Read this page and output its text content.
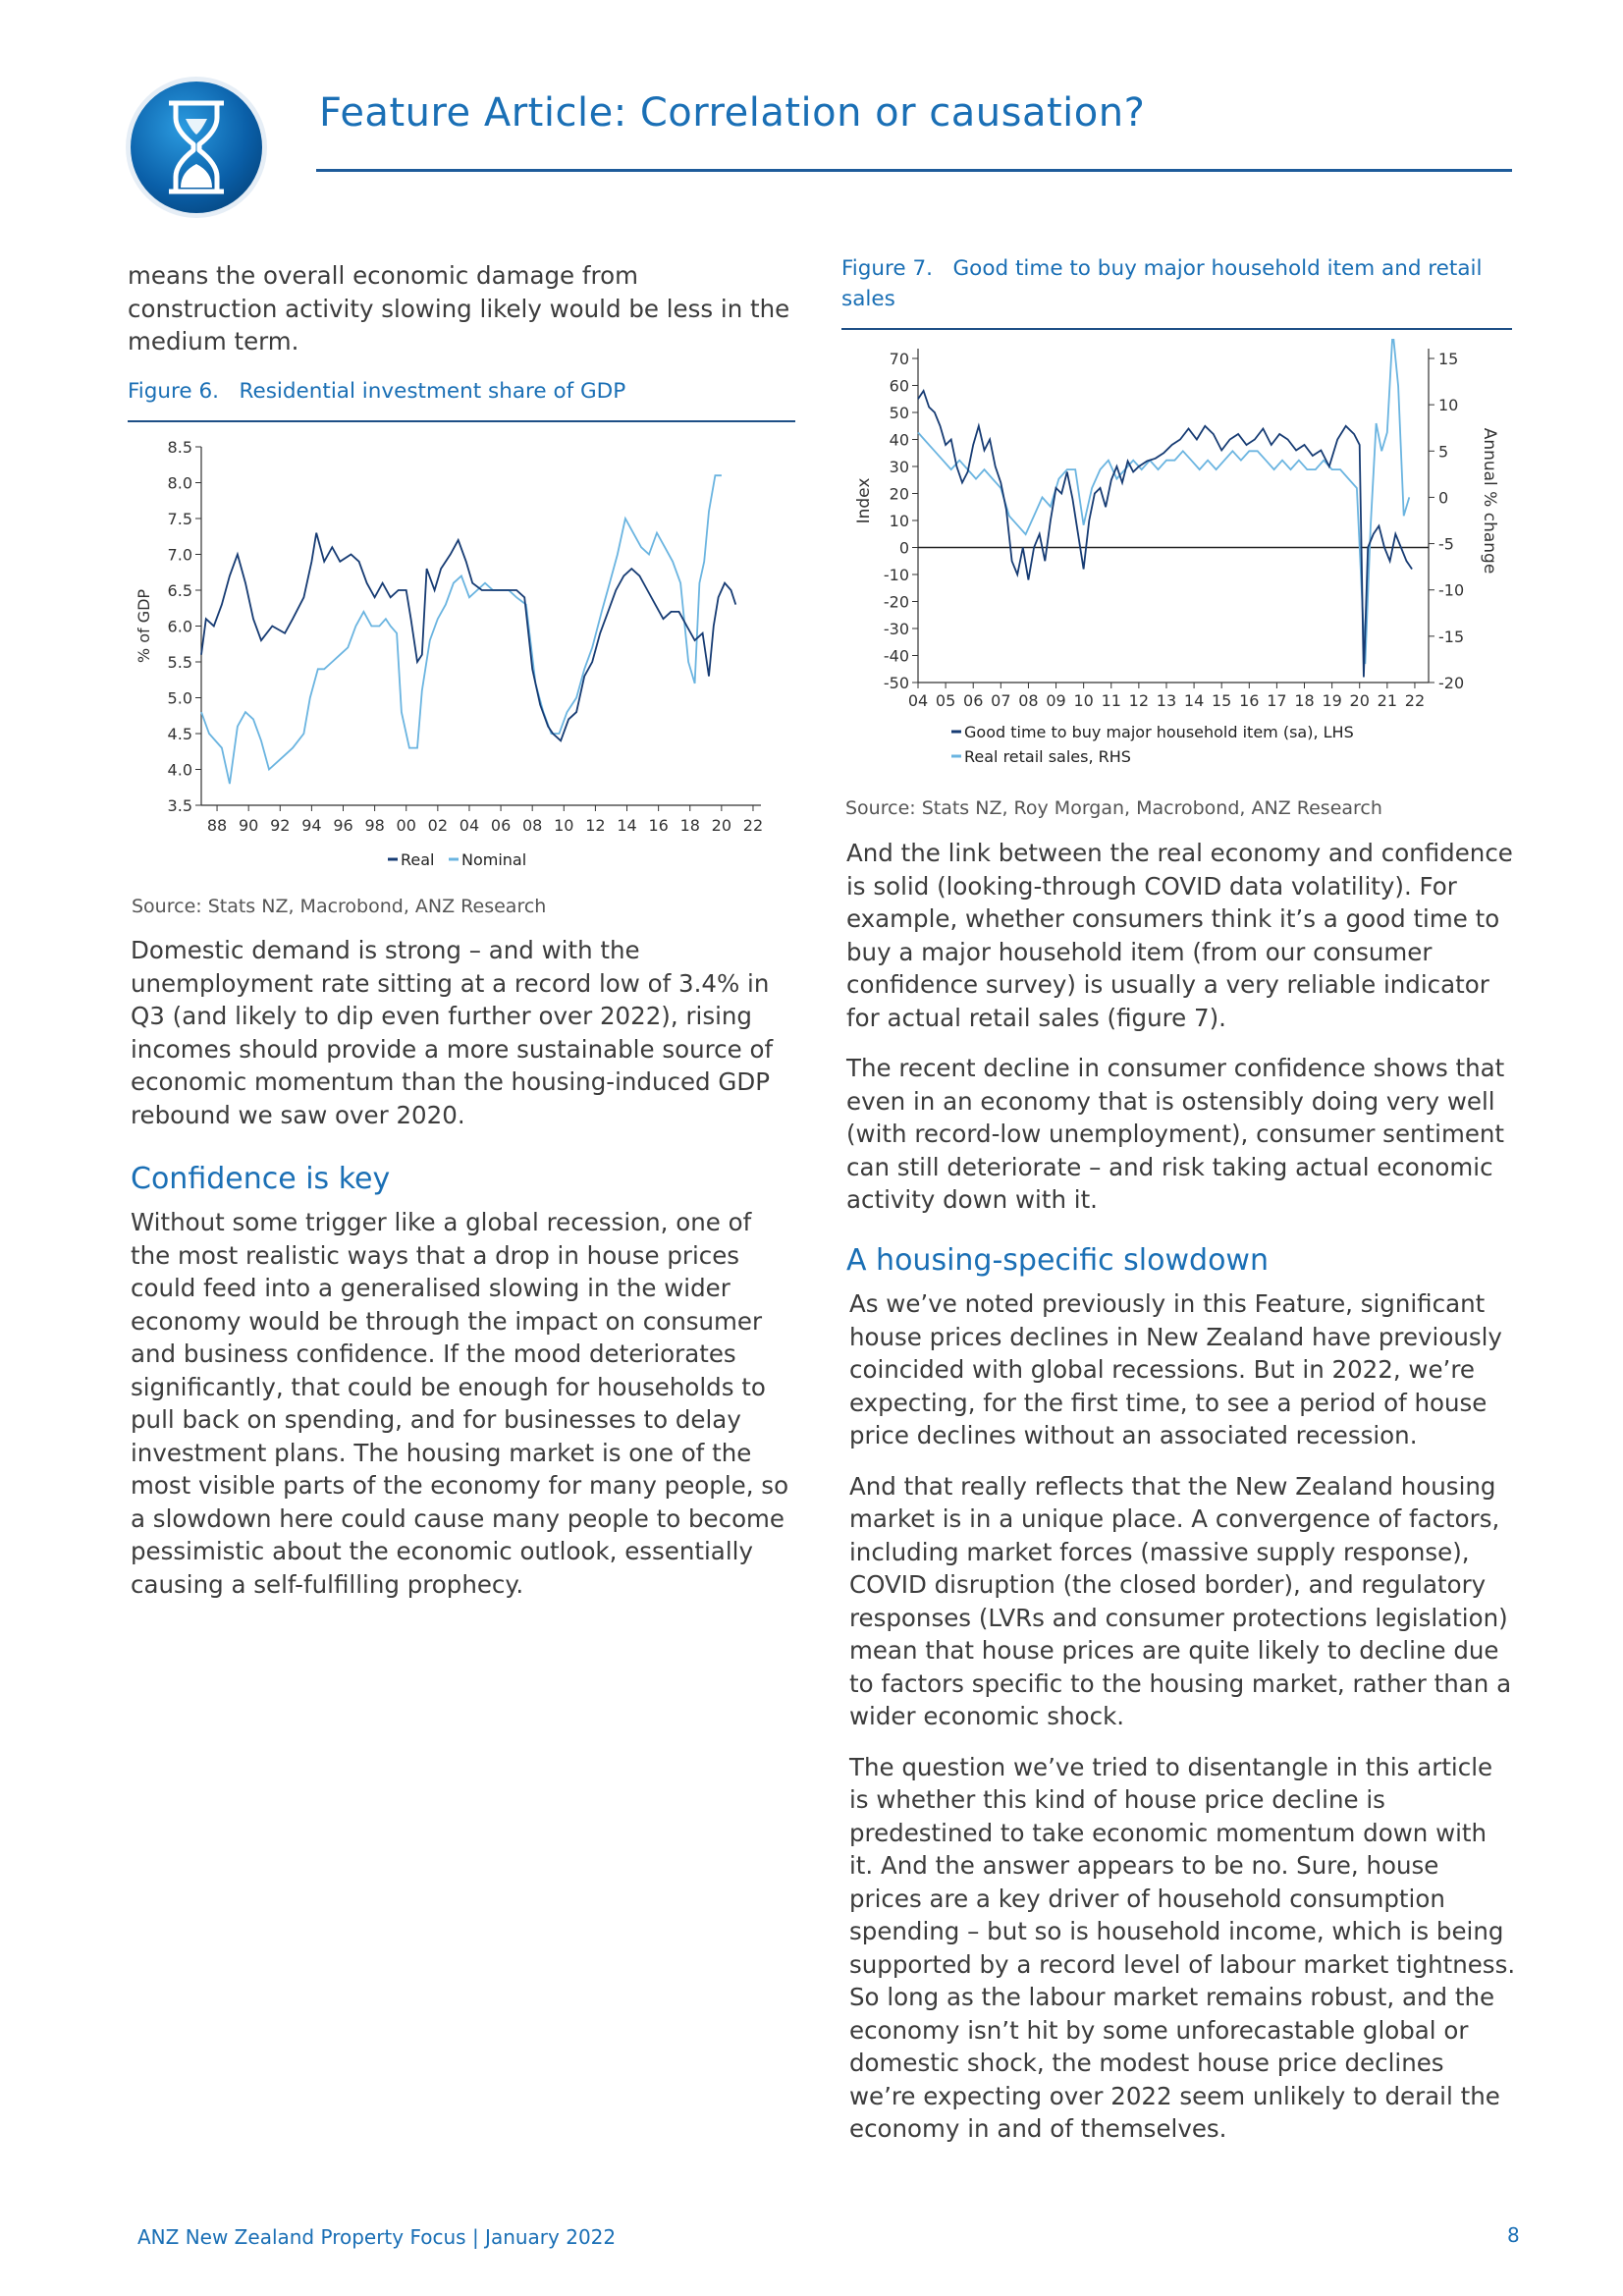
Feature Article: Correlation or causation?

means the overall economic damage from construction activity slowing likely would be less in the medium term.

Figure 6. Residential investment share of GDP
3.5
4.0
4.5
5.0
5.5
6.0
6.5
7.0
7.5
8.0
8.5
88 90 92 94 96 98 00 02 04 06 08 10 12 14 16 18 20 22
% of GDP
Real Nominal
Source: Stats NZ, Macrobond, ANZ Research

Domestic demand is strong – and with the unemployment rate sitting at a record low of 3.4% in Q3 (and likely to dip even further over 2022), rising incomes should provide a more sustainable source of economic momentum than the housing-induced GDP rebound we saw over 2020.

Confidence is key

Without some trigger like a global recession, one of the most realistic ways that a drop in house prices could feed into a generalised slowing in the wider economy would be through the impact on consumer and business confidence. If the mood deteriorates significantly, that could be enough for households to pull back on spending, and for businesses to delay investment plans. The housing market is one of the most visible parts of the economy for many people, so a slowdown here could cause many people to become pessimistic about the economic outlook, essentially causing a self-fulfilling prophecy.

Figure 7. Good time to buy major household item and retail sales
-50
-40
-30
-20
-10
0
10
20
30
40
50
60
70
-20
-15
-10
-5
0
5
10
15
04 05 06 07 08 09 10 11 12 13 14 15 16 17 18 19 20 21 22
Index	Annual % change
Good time to buy major household item (sa), LHS
Real retail sales, RHS
Source: Stats NZ, Roy Morgan, Macrobond, ANZ Research

And the link between the real economy and confidence is solid (looking-through COVID data volatility). For example, whether consumers think it’s a good time to buy a major household item (from our consumer confidence survey) is usually a very reliable indicator for actual retail sales (figure 7).

The recent decline in consumer confidence shows that even in an economy that is ostensibly doing very well (with record-low unemployment), consumer sentiment can still deteriorate – and risk taking actual economic activity down with it.

A housing-specific slowdown

As we’ve noted previously in this Feature, significant house prices declines in New Zealand have previously coincided with global recessions. But in 2022, we’re expecting, for the first time, to see a period of house price declines without an associated recession.

And that really reflects that the New Zealand housing market is in a unique place. A convergence of factors, including market forces (massive supply response), COVID disruption (the closed border), and regulatory responses (LVRs and consumer protections legislation) mean that house prices are quite likely to decline due to factors specific to the housing market, rather than a wider economic shock.

The question we’ve tried to disentangle in this article is whether this kind of house price decline is predestined to take economic momentum down with it. And the answer appears to be no. Sure, house prices are a key driver of household consumption spending – but so is household income, which is being supported by a record level of labour market tightness. So long as the labour market remains robust, and the economy isn’t hit by some unforecastable global or domestic shock, the modest house price declines we’re expecting over 2022 seem unlikely to derail the economy in and of themselves.

ANZ New Zealand Property Focus | January 2022	8
